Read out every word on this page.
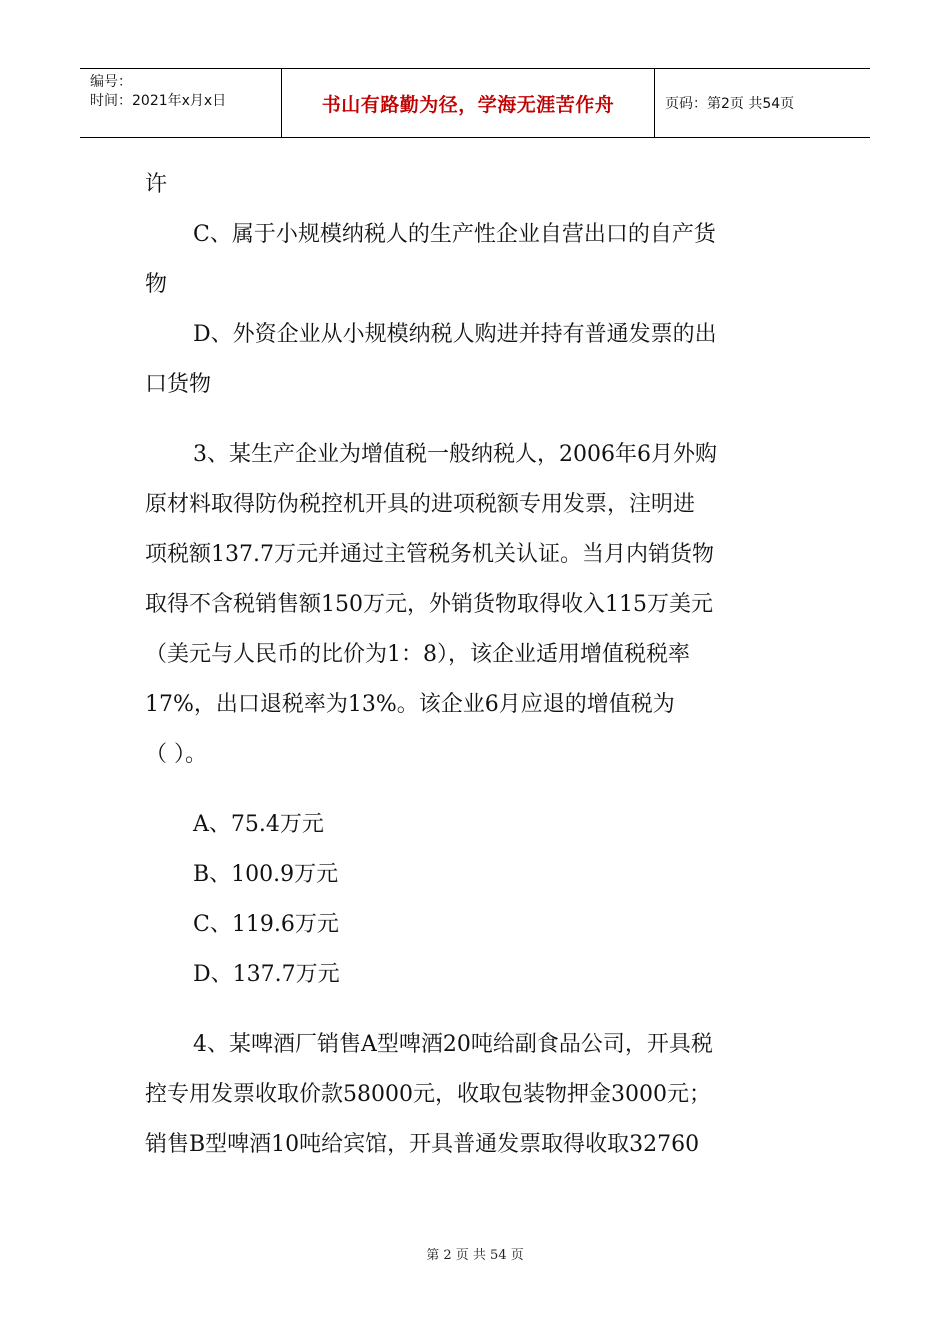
编号：
时间：2021年x月x日	书山有路勤为径，学海无涯苦作舟	页码：第2页 共54页
许
C、属于小规模纳税人的生产性企业自营出口的自产货
物
D、外资企业从小规模纳税人购进并持有普通发票的出
口货物
3、某生产企业为增值税一般纳税人，2006年6月外购
原材料取得防伪税控机开具的进项税额专用发票，注明进
项税额137.7万元并通过主管税务机关认证。当月内销货物
取得不含税销售额150万元，外销货物取得收入115万美元
（美元与人民币的比价为1：8），该企业适用增值税税率
17%，出口退税率为13%。该企业6月应退的增值税为
（ ）。
A、75.4万元
B、100.9万元
C、119.6万元
D、137.7万元
4、某啤酒厂销售A型啤酒20吨给副食品公司，开具税
控专用发票收取价款58000元，收取包装物押金3000元；
销售B型啤酒10吨给宾馆，开具普通发票取得收取32760
第 2 页 共 54 页
